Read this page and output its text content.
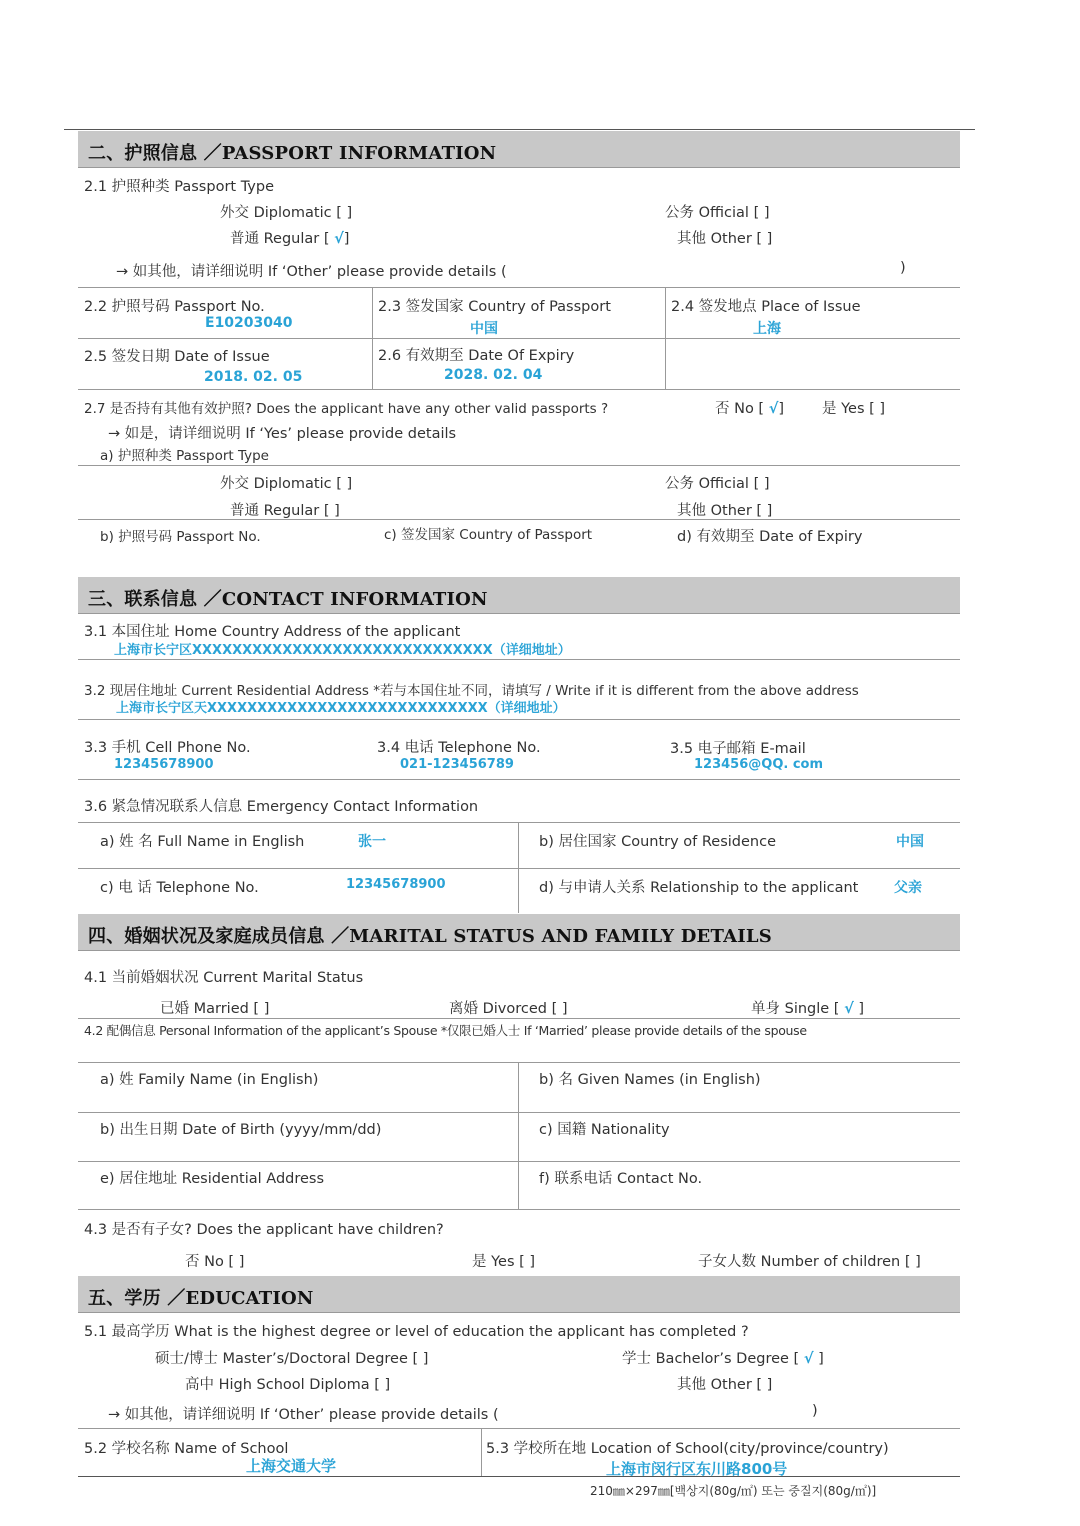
二、护照信息 ／PASSPORT INFORMATION
2.1 护照种类 Passport Type
外交 Diplomatic [ ]	公务 Official [ ]
普通 Regular [ √]	其他 Other [ ]
→ 如其他，请详细说明 If ‘Other’ please provide details (	)
2.2 护照号码 Passport No.
E10203040
2.3 签发国家 Country of Passport
中国
2.4 签发地点 Place of Issue
上海
2.5 签发日期 Date of Issue
2018. 02. 05
2.6 有效期至 Date Of Expiry
2028. 02. 04
2.7 是否持有其他有效护照? Does the applicant have any other valid passports ?	否 No [ √]	是 Yes [ ]
→ 如是，请详细说明 If ‘Yes’ please provide details
a) 护照种类 Passport Type
外交 Diplomatic [ ]	公务 Official [ ]
普通 Regular [ ]	其他 Other [ ]
b) 护照号码 Passport No.	c) 签发国家 Country of Passport	d) 有效期至 Date of Expiry
三、联系信息 ／CONTACT INFORMATION
3.1 本国住址 Home Country Address of the applicant
上海市长宁区XXXXXXXXXXXXXXXXXXXXXXXXXXXXXX（详细地址）
3.2 现居住地址 Current Residential Address *若与本国住址不同，请填写 / Write if it is different from the above address
上海市长宁区天XXXXXXXXXXXXXXXXXXXXXXXXXXXX（详细地址）
3.3 手机 Cell Phone No.
12345678900
3.4 电话 Telephone No.
021-123456789
3.5 电子邮箱 E-mail
123456@QQ. com
3.6 紧急情况联系人信息 Emergency Contact Information
a) 姓 名 Full Name in English	张一	b) 居住国家 Country of Residence	中国
c) 电 话 Telephone No.	12345678900	d) 与申请人关系 Relationship to the applicant	父亲
四、婚姻状况及家庭成员信息 ／MARITAL STATUS AND FAMILY DETAILS
4.1 当前婚姻状况 Current Marital Status
已婚 Married [ ]	离婚 Divorced [ ]	单身 Single [ √ ]
4.2 配偶信息 Personal Information of the applicant’s Spouse *仅限已婚人士 If ‘Married’ please provide details of the spouse
a) 姓 Family Name (in English)	b) 名 Given Names (in English)
b) 出生日期 Date of Birth (yyyy/mm/dd)	c) 国籍 Nationality
e) 居住地址 Residential Address	f) 联系电话 Contact No.
4.3 是否有子女? Does the applicant have children?
否 No [ ]	是 Yes [ ]	子女人数 Number of children [ ]
五、学历 ／EDUCATION
5.1 最高学历 What is the highest degree or level of education the applicant has completed ?
硕士/博士 Master’s/Doctoral Degree [ ]	学士 Bachelor’s Degree [ √ ]
高中 High School Diploma [ ]	其他 Other [ ]
→ 如其他，请详细说明 If ‘Other’ please provide details (	)
5.2 学校名称 Name of School
上海交通大学
5.3 学校所在地 Location of School(city/province/country)
上海市闵行区东川路800号
210㎜×297㎜[백상지(80g/㎡) 또는 중질지(80g/㎡)]
